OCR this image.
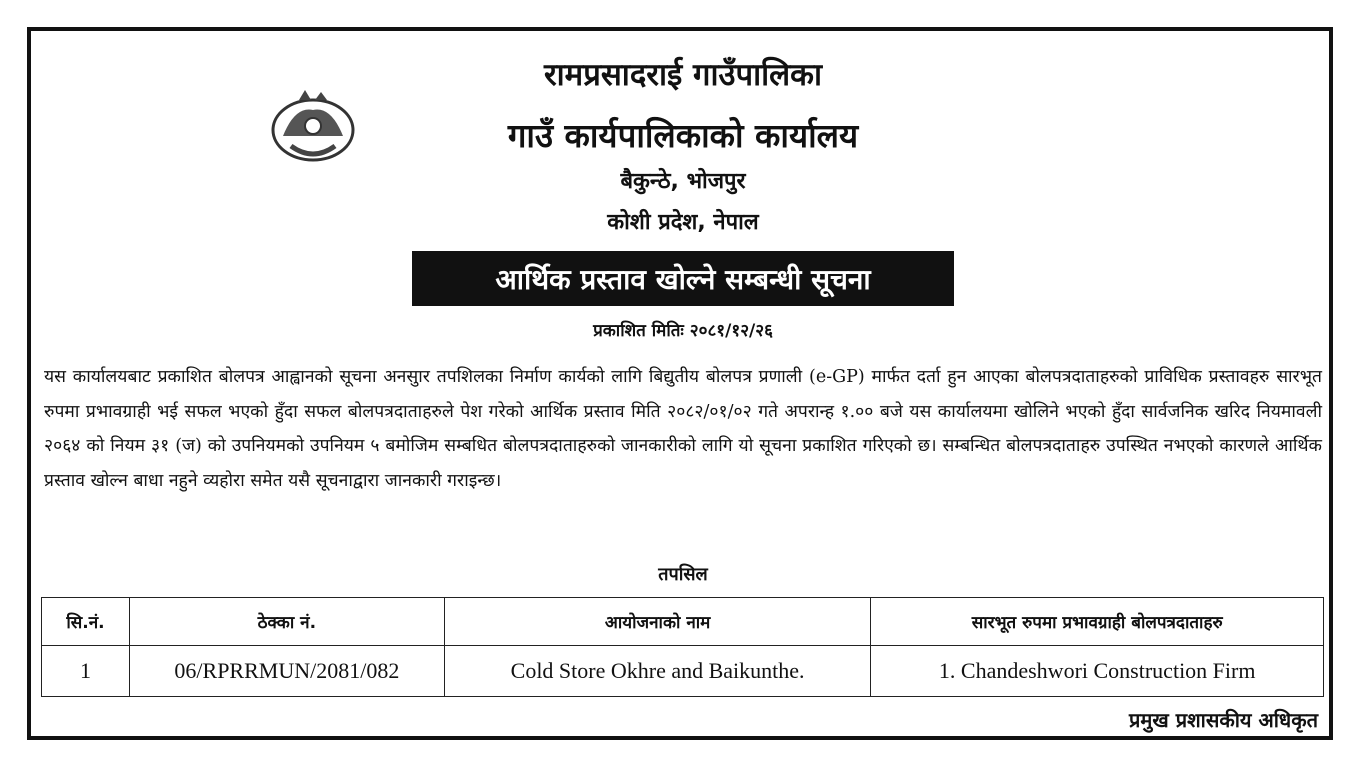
रामप्रसादराई गाउँपालिका
गाउँ कार्यपालिकाको कार्यालय
बैकुन्ठे, भोजपुर
कोशी प्रदेश, नेपाल
आर्थिक प्रस्ताव खोल्ने सम्बन्धी सूचना
प्रकाशित मितिः २०८१/१२/२६
यस कार्यालयबाट प्रकाशित बोलपत्र आह्वानको सूचना अनसुार तपशिलका निर्माण कार्यको लागि बिद्युतीय बोलपत्र प्रणाली (e-GP) मार्फत दर्ता हुन आएका बोलपत्रदाताहरुको प्राविधिक प्रस्तावहरु सारभूत रुपमा प्रभावग्राही भई सफल भएको हुँदा सफल बोलपत्रदाताहरुले पेश गरेको आर्थिक प्रस्ताव मिति २०८२/०१/०२ गते अपरान्ह १.०० बजे यस कार्यालयमा खोलिने भएको हुँदा सार्वजनिक खरिद नियमावली २०६४ को नियम ३१ (ज) को उपनियमको उपनियम ५ बमोजिम सम्बधित बोलपत्रदाताहरुको जानकारीको लागि यो सूचना प्रकाशित गरिएको छ। सम्बन्धित बोलपत्रदाताहरु उपस्थित नभएको कारणले आर्थिक प्रस्ताव खोल्न बाधा नहुने व्यहोरा समेत यसै सूचनाद्वारा जानकारी गराइन्छ।
तपसिल
सि.नं.	ठेक्का नं.	आयोजनाको नाम	सारभूत रुपमा प्रभावग्राही बोलपत्रदाताहरु
1	06/RPRRMUN/2081/082	Cold Store Okhre and Baikunthe.	1. Chandeshwori Construction Firm
प्रमुख प्रशासकीय अधिकृत
